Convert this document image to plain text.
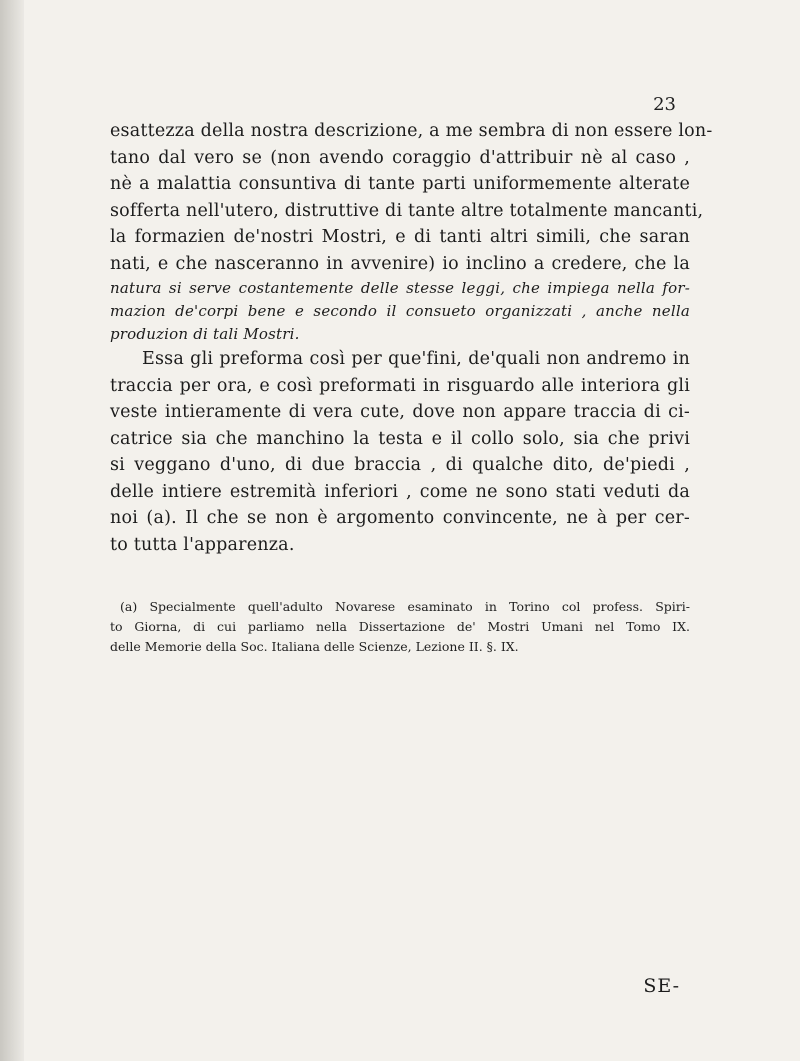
23
esattezza della nostra descrizione, a me sembra di non essere lon-
tano dal vero se (non avendo coraggio d'attribuir nè al caso ,
nè a malattia consuntiva di tante parti uniformemente alterate
sofferta nell'utero, distruttive di tante altre totalmente mancanti,
la formazien de'nostri Mostri, e di tanti altri simili, che saran
nati, e che nasceranno in avvenire) io inclino a credere, che la
natura si serve costantemente delle stesse leggi, che impiega nella for-
mazion de'corpi bene e secondo il consueto organizzati , anche nella
produzion di tali Mostri.
Essa gli preforma così per que'fini, de'quali non andremo in
traccia per ora, e così preformati in risguardo alle interiora gli
veste intieramente di vera cute, dove non appare traccia di ci-
catrice sia che manchino la testa e il collo solo, sia che privi
si veggano d'uno, di due braccia , di qualche dito, de'piedi ,
delle intiere estremità inferiori , come ne sono stati veduti da
noi (a). Il che se non è argomento convincente, ne à per cer-
to tutta l'apparenza.
(a) Specialmente quell'adulto Novarese esaminato in Torino col profess. Spiri-
to Giorna, di cui parliamo nella Dissertazione de' Mostri Umani nel Tomo IX.
delle Memorie della Soc. Italiana delle Scienze, Lezione II. §. IX.
SE-
